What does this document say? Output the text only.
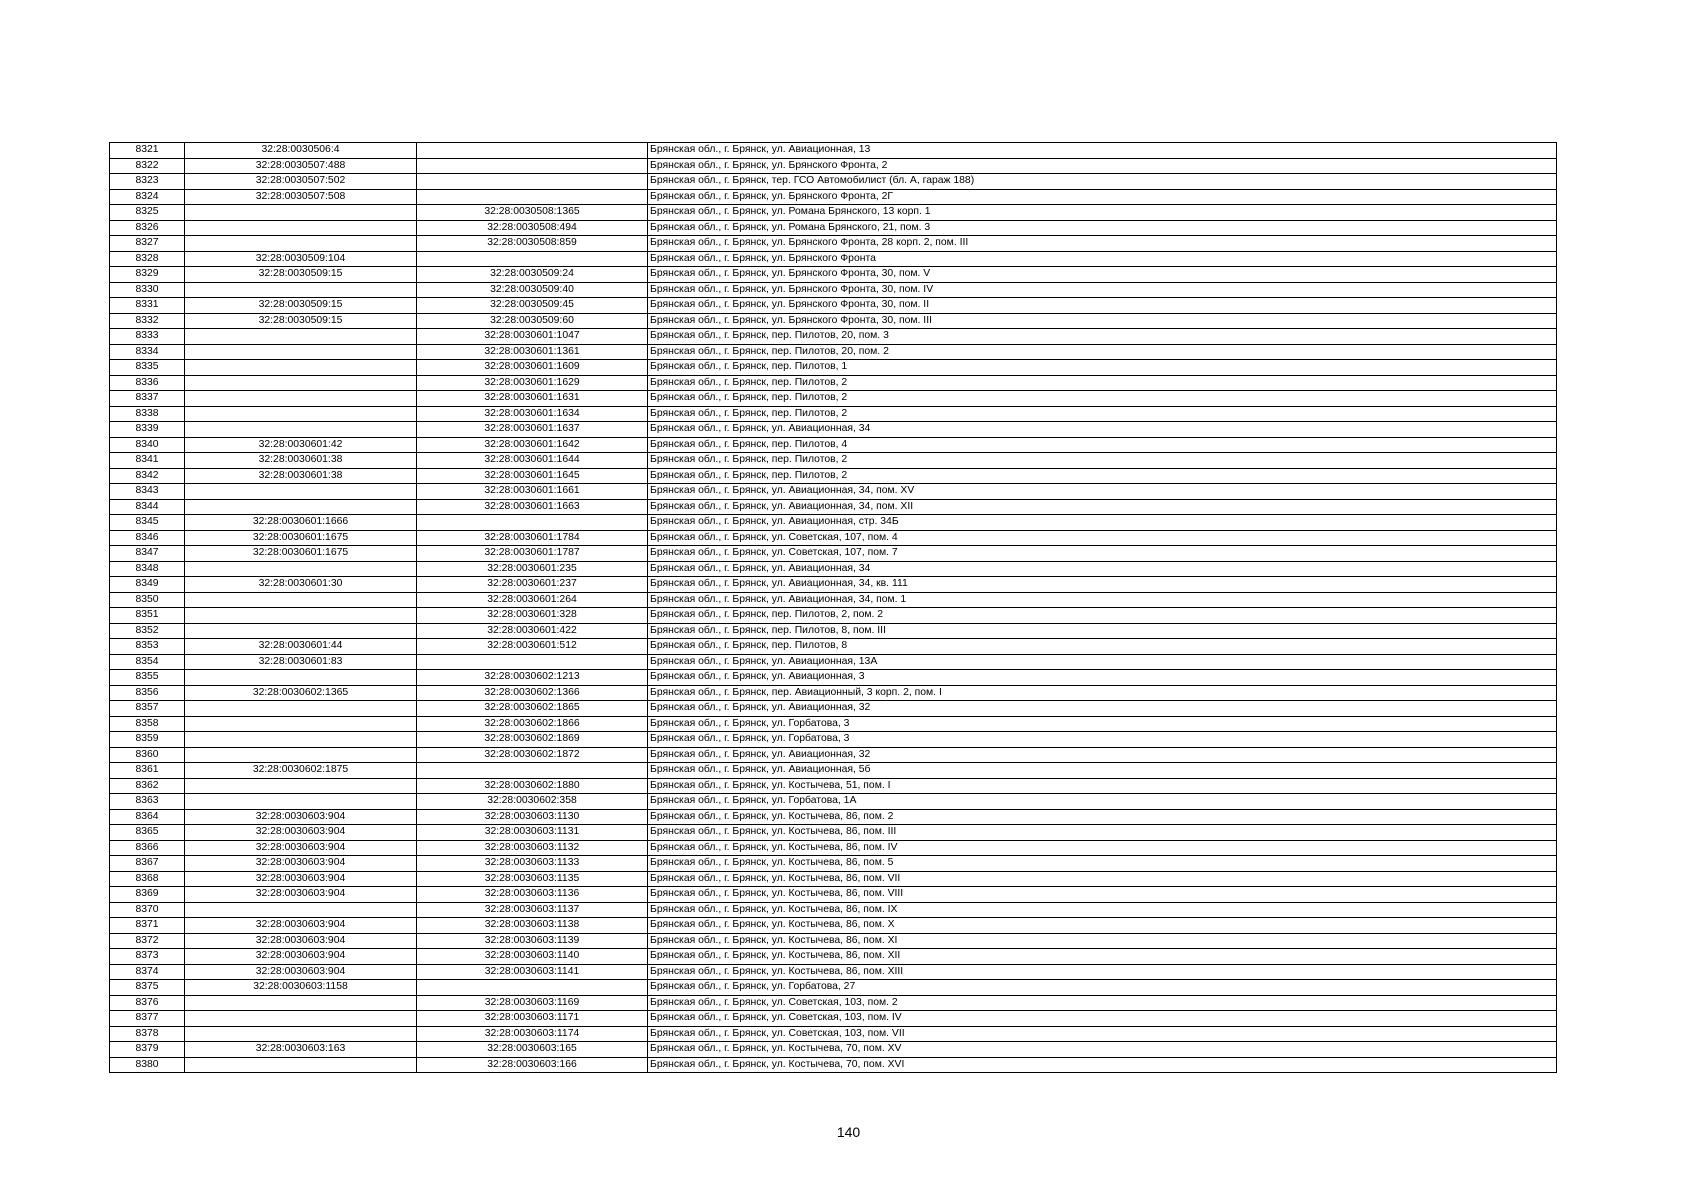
8321	32:28:0030506:4		Брянская обл., г. Брянск, ул. Авиационная, 13
8322	32:28:0030507:488		Брянская обл., г. Брянск, ул. Брянского Фронта, 2
8323	32:28:0030507:502		Брянская обл., г. Брянск, тер. ГСО Автомобилист (бл. А, гараж 188)
8324	32:28:0030507:508		Брянская обл., г. Брянск, ул. Брянского Фронта, 2Г
8325		32:28:0030508:1365	Брянская обл., г. Брянск, ул. Романа Брянского, 13 корп. 1
8326		32:28:0030508:494	Брянская обл., г. Брянск, ул. Романа Брянского, 21, пом. 3
8327		32:28:0030508:859	Брянская обл., г. Брянск, ул. Брянского Фронта, 28 корп. 2, пом. III
8328	32:28:0030509:104		Брянская обл., г. Брянск, ул. Брянского Фронта
8329	32:28:0030509:15	32:28:0030509:24	Брянская обл., г. Брянск, ул. Брянского Фронта, 30, пом. V
8330		32:28:0030509:40	Брянская обл., г. Брянск, ул. Брянского Фронта, 30, пом. IV
8331	32:28:0030509:15	32:28:0030509:45	Брянская обл., г. Брянск, ул. Брянского Фронта, 30, пом. II
8332	32:28:0030509:15	32:28:0030509:60	Брянская обл., г. Брянск, ул. Брянского Фронта, 30, пом. III
8333		32:28:0030601:1047	Брянская обл., г. Брянск, пер. Пилотов, 20, пом. 3
8334		32:28:0030601:1361	Брянская обл., г. Брянск, пер. Пилотов, 20, пом. 2
8335		32:28:0030601:1609	Брянская обл., г. Брянск, пер. Пилотов, 1
8336		32:28:0030601:1629	Брянская обл., г. Брянск, пер. Пилотов, 2
8337		32:28:0030601:1631	Брянская обл., г. Брянск, пер. Пилотов, 2
8338		32:28:0030601:1634	Брянская обл., г. Брянск, пер. Пилотов, 2
8339		32:28:0030601:1637	Брянская обл., г. Брянск, ул. Авиационная, 34
8340	32:28:0030601:42	32:28:0030601:1642	Брянская обл., г. Брянск, пер. Пилотов, 4
8341	32:28:0030601:38	32:28:0030601:1644	Брянская обл., г. Брянск, пер. Пилотов, 2
8342	32:28:0030601:38	32:28:0030601:1645	Брянская обл., г. Брянск, пер. Пилотов, 2
8343		32:28:0030601:1661	Брянская обл., г. Брянск, ул. Авиационная, 34, пом. XV
8344		32:28:0030601:1663	Брянская обл., г. Брянск, ул. Авиационная, 34, пом. XII
8345	32:28:0030601:1666		Брянская обл., г. Брянск, ул. Авиационная, стр. 34Б
8346	32:28:0030601:1675	32:28:0030601:1784	Брянская обл., г. Брянск, ул. Советская, 107, пом. 4
8347	32:28:0030601:1675	32:28:0030601:1787	Брянская обл., г. Брянск, ул. Советская, 107, пом. 7
8348		32:28:0030601:235	Брянская обл., г. Брянск, ул. Авиационная, 34
8349	32:28:0030601:30	32:28:0030601:237	Брянская обл., г. Брянск, ул. Авиационная, 34, кв. 111
8350		32:28:0030601:264	Брянская обл., г. Брянск, ул. Авиационная, 34, пом. 1
8351		32:28:0030601:328	Брянская обл., г. Брянск, пер. Пилотов, 2, пом. 2
8352		32:28:0030601:422	Брянская обл., г. Брянск, пер. Пилотов, 8, пом. III
8353	32:28:0030601:44	32:28:0030601:512	Брянская обл., г. Брянск, пер. Пилотов, 8
8354	32:28:0030601:83		Брянская обл., г. Брянск, ул. Авиационная, 13А
8355		32:28:0030602:1213	Брянская обл., г. Брянск, ул. Авиационная, 3
8356	32:28:0030602:1365	32:28:0030602:1366	Брянская обл., г. Брянск, пер. Авиационный, 3 корп. 2, пом. I
8357		32:28:0030602:1865	Брянская обл., г. Брянск, ул. Авиационная, 32
8358		32:28:0030602:1866	Брянская обл., г. Брянск, ул. Горбатова, 3
8359		32:28:0030602:1869	Брянская обл., г. Брянск, ул. Горбатова, 3
8360		32:28:0030602:1872	Брянская обл., г. Брянск, ул. Авиационная, 32
8361	32:28:0030602:1875		Брянская обл., г. Брянск, ул. Авиационная, 5б
8362		32:28:0030602:1880	Брянская обл., г. Брянск, ул. Костычева, 51, пом. I
8363		32:28:0030602:358	Брянская обл., г. Брянск, ул. Горбатова, 1А
8364	32:28:0030603:904	32:28:0030603:1130	Брянская обл., г. Брянск, ул. Костычева, 86, пом. 2
8365	32:28:0030603:904	32:28:0030603:1131	Брянская обл., г. Брянск, ул. Костычева, 86, пом. III
8366	32:28:0030603:904	32:28:0030603:1132	Брянская обл., г. Брянск, ул. Костычева, 86, пом. IV
8367	32:28:0030603:904	32:28:0030603:1133	Брянская обл., г. Брянск, ул. Костычева, 86, пом. 5
8368	32:28:0030603:904	32:28:0030603:1135	Брянская обл., г. Брянск, ул. Костычева, 86, пом. VII
8369	32:28:0030603:904	32:28:0030603:1136	Брянская обл., г. Брянск, ул. Костычева, 86, пом. VIII
8370		32:28:0030603:1137	Брянская обл., г. Брянск, ул. Костычева, 86, пом. IX
8371	32:28:0030603:904	32:28:0030603:1138	Брянская обл., г. Брянск, ул. Костычева, 86, пом. X
8372	32:28:0030603:904	32:28:0030603:1139	Брянская обл., г. Брянск, ул. Костычева, 86, пом. XI
8373	32:28:0030603:904	32:28:0030603:1140	Брянская обл., г. Брянск, ул. Костычева, 86, пом. XII
8374	32:28:0030603:904	32:28:0030603:1141	Брянская обл., г. Брянск, ул. Костычева, 86, пом. XIII
8375	32:28:0030603:1158		Брянская обл., г. Брянск, ул. Горбатова, 27
8376		32:28:0030603:1169	Брянская обл., г. Брянск, ул. Советская, 103, пом. 2
8377		32:28:0030603:1171	Брянская обл., г. Брянск, ул. Советская, 103, пом. IV
8378		32:28:0030603:1174	Брянская обл., г. Брянск, ул. Советская, 103, пом. VII
8379	32:28:0030603:163	32:28:0030603:165	Брянская обл., г. Брянск, ул. Костычева, 70, пом. XV
8380		32:28:0030603:166	Брянская обл., г. Брянск, ул. Костычева, 70, пом. XVI
140
